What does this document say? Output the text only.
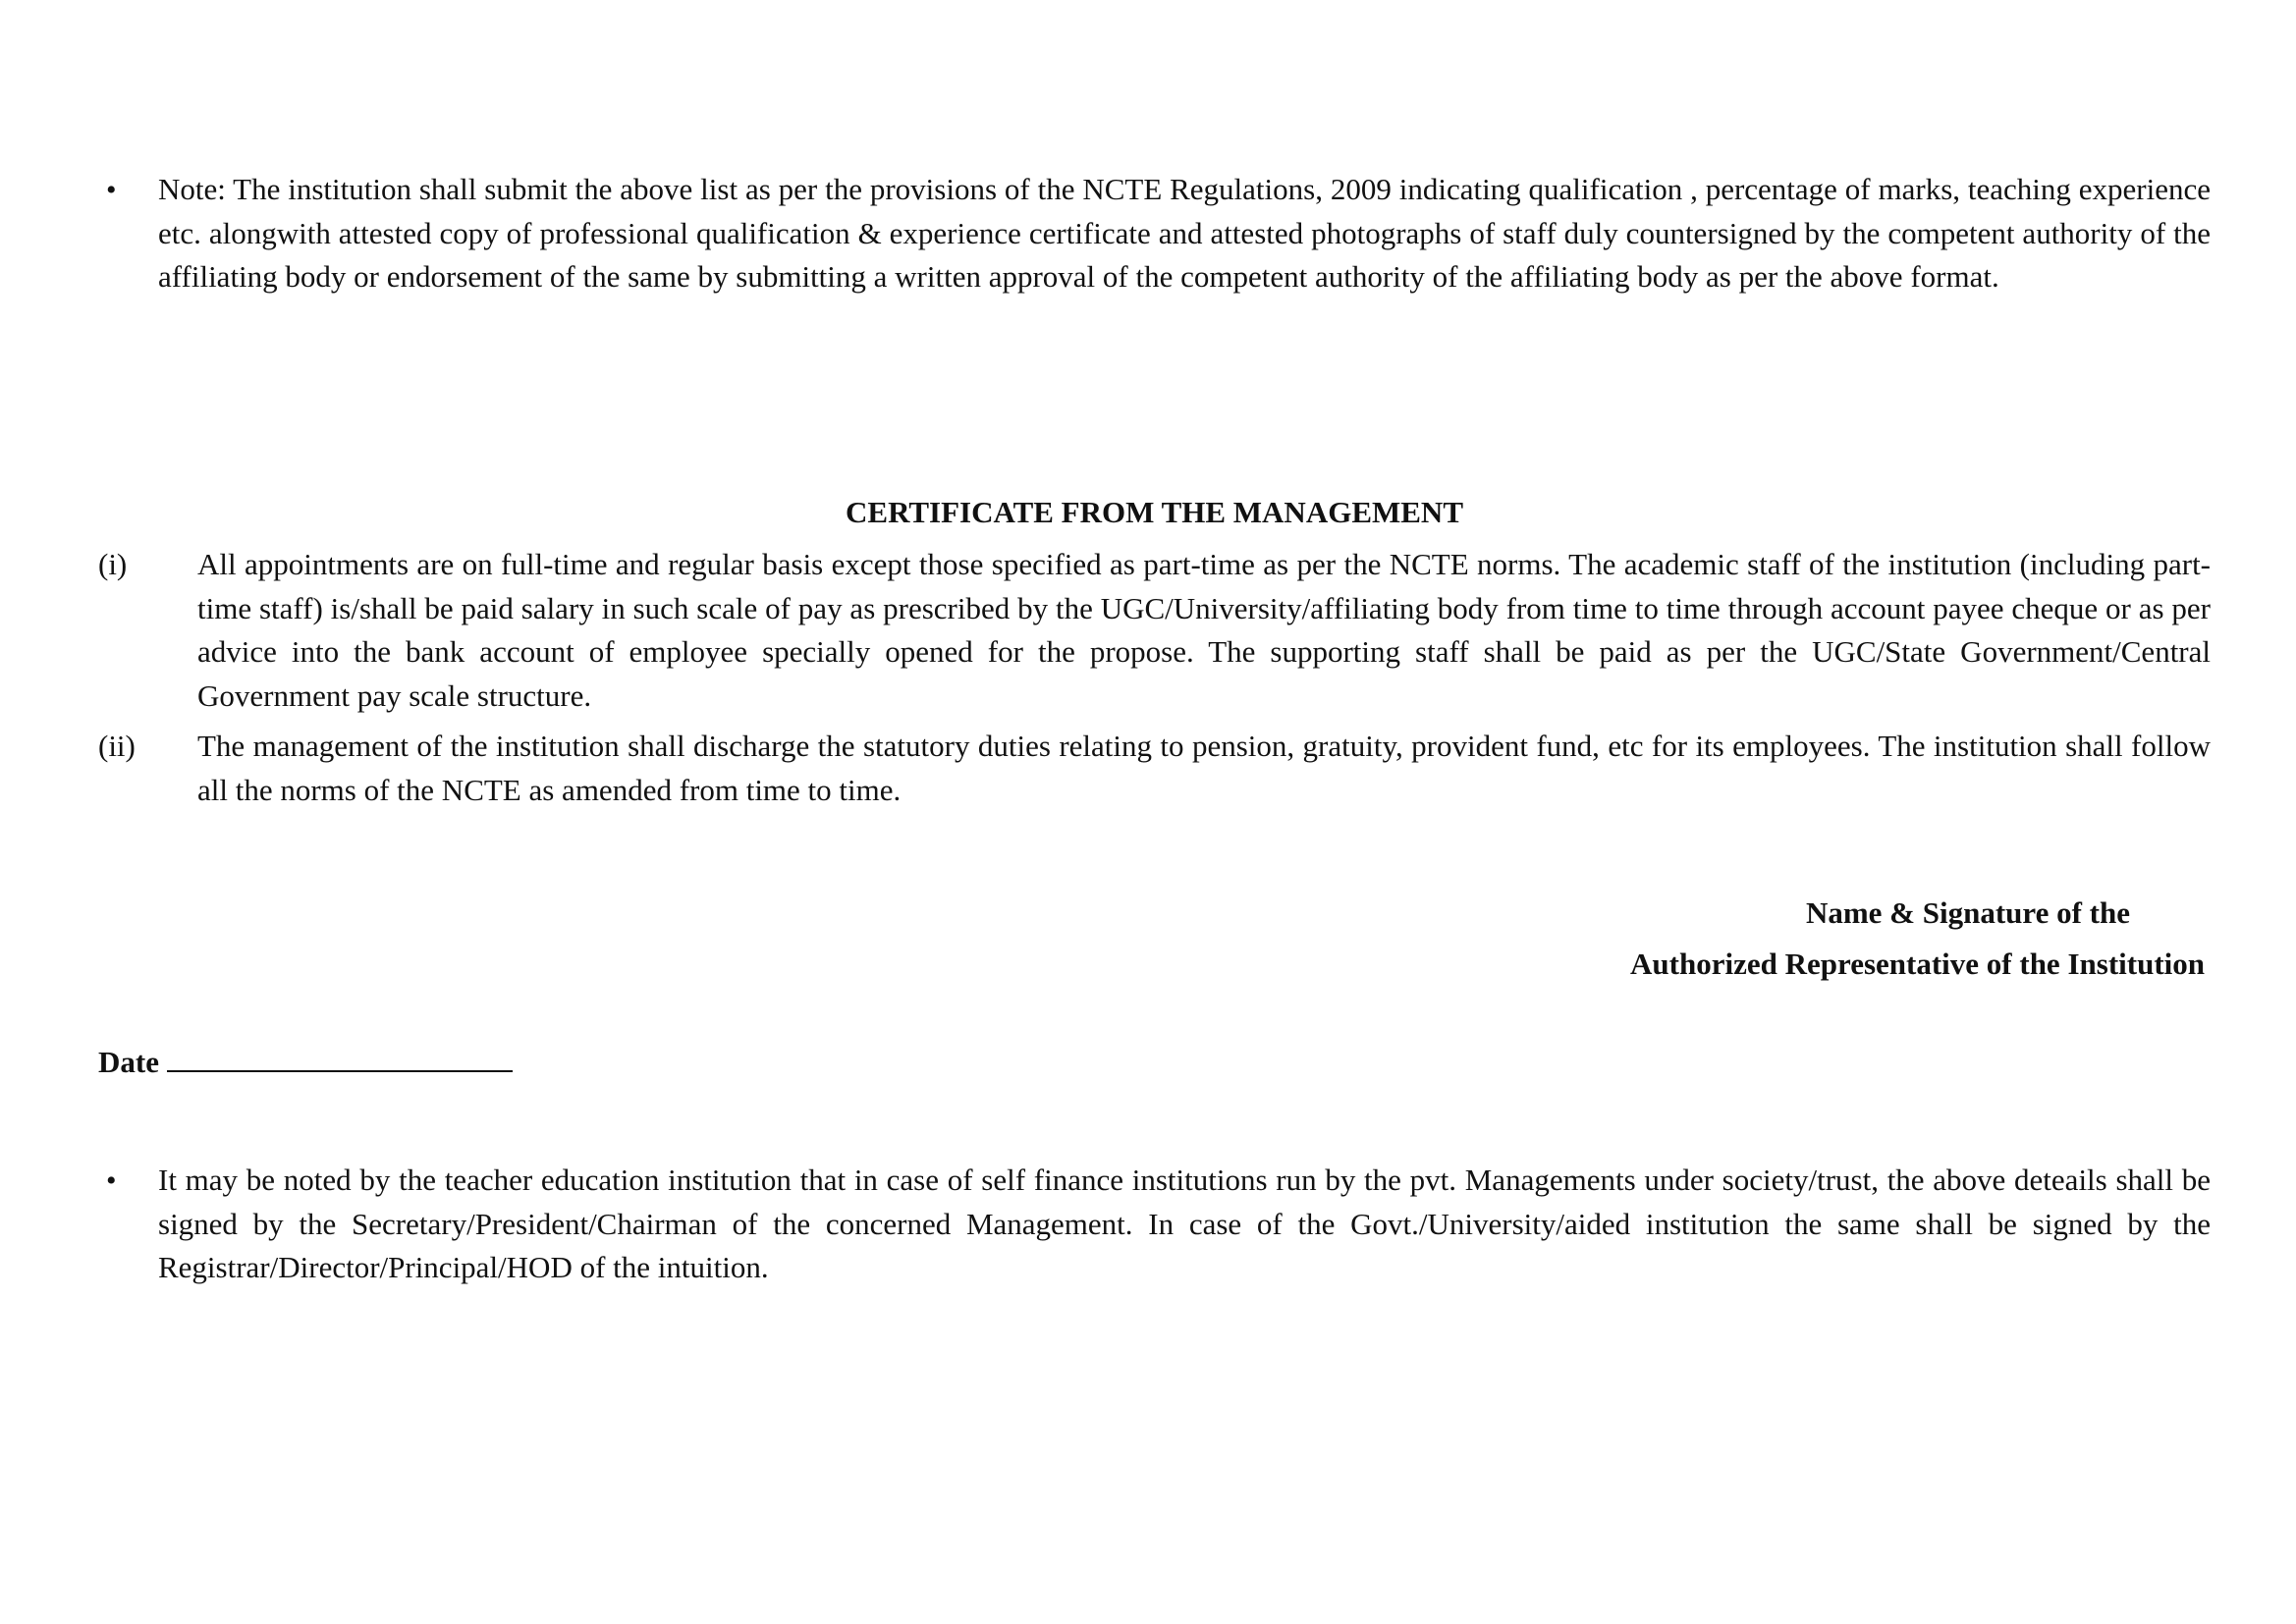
• Note: The institution shall submit the above list as per the provisions of the NCTE Regulations, 2009 indicating qualification , percentage of marks, teaching experience etc. alongwith attested copy of professional qualification & experience certificate and attested photographs of staff duly countersigned by the competent authority of the affiliating body or endorsement of the same by submitting a written approval of the competent authority of the affiliating body as per the above format.
CERTIFICATE FROM THE MANAGEMENT
(i) All appointments are on full-time and regular basis except those specified as part-time as per the NCTE norms. The academic staff of the institution (including part-time staff) is/shall be paid salary in such scale of pay as prescribed by the UGC/University/affiliating body from time to time through account payee cheque or as per advice into the bank account of employee specially opened for the propose. The supporting staff shall be paid as per the UGC/State Government/Central Government pay scale structure.
(ii) The management of the institution shall discharge the statutory duties relating to pension, gratuity, provident fund, etc for its employees. The institution shall follow all the norms of the NCTE as amended from time to time.
Name & Signature of the
Authorized Representative of the Institution
Date
• It may be noted by the teacher education institution that in case of self finance institutions run by the pvt. Managements under society/trust, the above deteails shall be signed by the Secretary/President/Chairman of the concerned Management. In case of the Govt./University/aided institution the same shall be signed by the Registrar/Director/Principal/HOD of the intuition.
